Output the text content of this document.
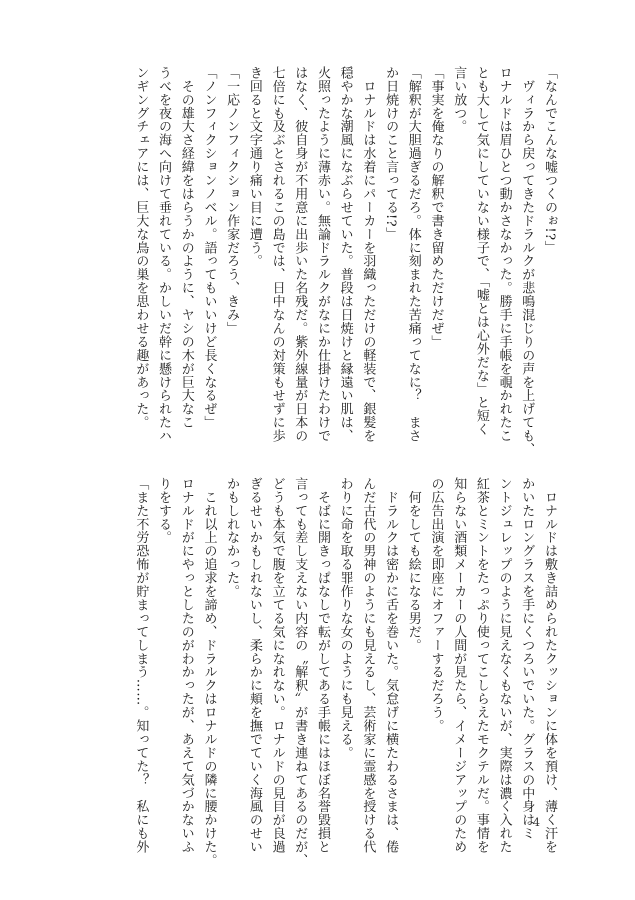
「なんでこんな嘘つくのぉ!?」
　ヴィラから戻ってきたドラルクが悲鳴混じりの声を上げても、
ロナルドは眉ひとつ動かさなかった。勝手に手帳を覗かれたこ
とも大して気にしていない様子で、「嘘とは心外だな」と短く
言い放つ。
「事実を俺なりの解釈で書き留めただけだぜ」
「解釈が大胆過ぎるだろ。体に刻まれた苦痛ってなに？　まさ
か日焼けのこと言ってる!?」
　ロナルドは水着にパーカーを羽織っただけの軽装で、銀髪を
穏やかな潮風になぶらせていた。普段は日焼けと縁遠い肌は、
火照ったように薄赤い。無論ドラルクがなにか仕掛けたわけで
はなく、彼自身が不用意に出歩いた名残だ。紫外線量が日本の
七倍にも及ぶとされるこの島では、日中なんの対策もせずに歩
き回ると文字通り痛い目に遭う。
「一応ノンフィクション作家だろう、きみ」
「ノンフィクションノベル。語ってもいいけど長くなるぜ」
　その雄大さ経緯をはらうかのように、ヤシの木が巨大なこ
うべを夜の海へ向けて垂れている。かしいだ幹に懸けられたハ
ンギングチェアには、巨大な鳥の巣を思わせる趣があった。
　ロナルドは敷き詰められたクッションに体を預け、薄く汗を
かいたロングラスを手にくつろいでいた。グラスの中身はミ
ントジュレップのように見えなくもないが、実際は濃く入れた
紅茶とミントをたっぷり使ってこしらえたモクテルだ。事情を
知らない酒類メーカーの人間が見たら、イメージアップのため
の広告出演を即座にオファーするだろう。
　何をしても絵になる男だ。
　ドラルクは密かに舌を巻いた。気怠げに横たわるさまは、倦
んだ古代の男神のようにも見えるし、芸術家に霊感を授ける代
わりに命を取る罪作りな女のようにも見える。
　そばに開きっぱなしで転がしてある手帳にはほぼ名誉毀損と
言っても差し支えない内容の〝解釈〟が書き連ねてあるのだが、
どうも本気で腹を立てる気になれない。ロナルドの見目が良過
ぎるせいかもしれないし、柔らかに頬を撫でていく海風のせい
かもしれなかった。
　これ以上の追求を諦め、ドラルクはロナルドの隣に腰かけた。
ロナルドがにやっとしたのがわかったが、あえて気づかないふ
りをする。
「また不労恐怖が貯まってしまう……。知ってた？　私にも外	4
